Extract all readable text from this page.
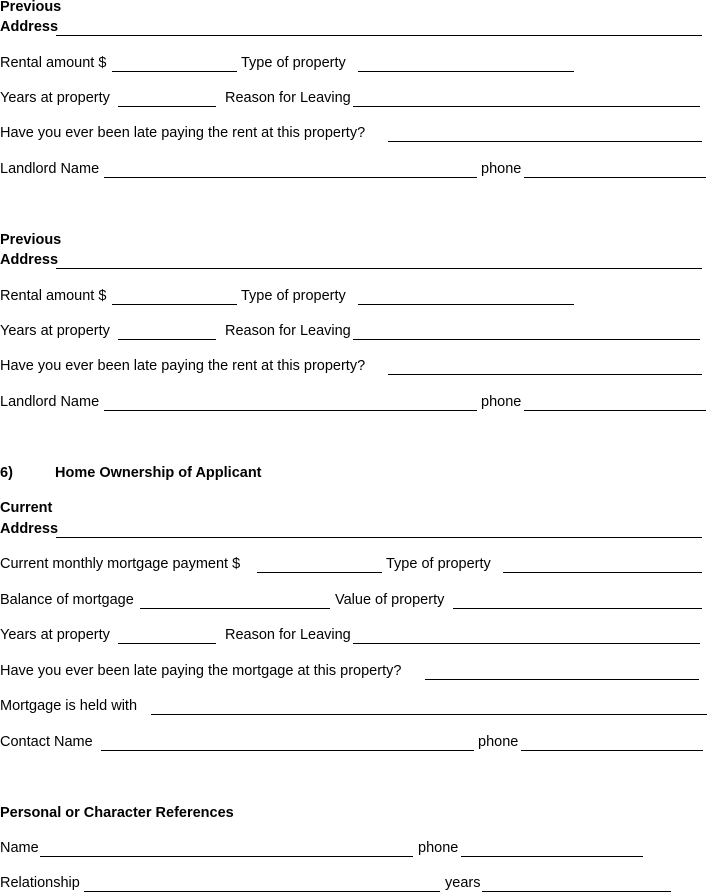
Previous
Address
Rental amount $	Type of property
Years at property	Reason for Leaving
Have you ever been late paying the rent at this property?
Landlord Name	phone
Previous
Address
Rental amount $	Type of property
Years at property	Reason for Leaving
Have you ever been late paying the rent at this property?
Landlord Name	phone
6)	Home Ownership of Applicant
Current
Address
Current monthly mortgage payment $	Type of property
Balance of mortgage	Value of property
Years at property	Reason for Leaving
Have you ever been late paying the mortgage at this property?
Mortgage is held with
Contact Name	phone
Personal or Character References
Name	phone
Relationship	years
